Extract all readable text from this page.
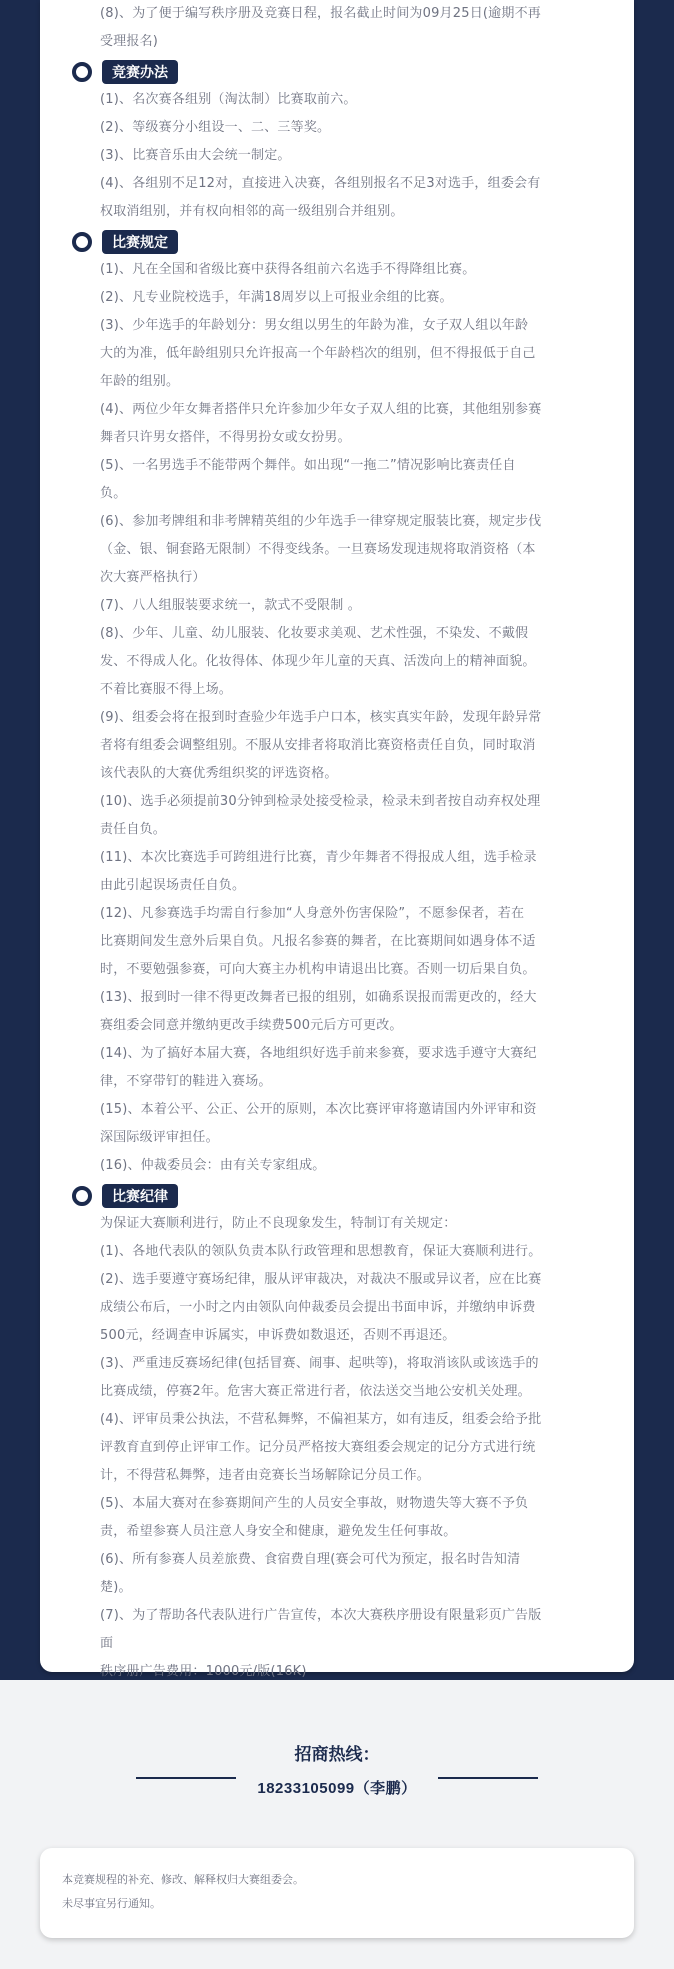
(8)、为了便于编写秩序册及竞赛日程，报名截止时间为09月25日(逾期不再

受理报名)

竞赛办法

(1)、名次赛各组别（淘汰制）比赛取前六。

(2)、等级赛分小组设一、二、三等奖。

(3)、比赛音乐由大会统一制定。

(4)、各组别不足12对，直接进入决赛，各组别报名不足3对选手，组委会有

权取消组别，并有权向相邻的高一级组别合并组别。

比赛规定

(1)、凡在全国和省级比赛中获得各组前六名选手不得降组比赛。

(2)、凡专业院校选手，年满18周岁以上可报业余组的比赛。

(3)、少年选手的年龄划分：男女组以男生的年龄为准，女子双人组以年龄

大的为准，低年龄组别只允许报高一个年龄档次的组别，但不得报低于自己

年龄的组别。

(4)、两位少年女舞者搭伴只允许参加少年女子双人组的比赛，其他组别参赛

舞者只许男女搭伴，不得男扮女或女扮男。

(5)、一名男选手不能带两个舞伴。如出现“一拖二”情况影响比赛责任自

负。

(6)、参加考牌组和非考牌精英组的少年选手一律穿规定服装比赛，规定步伐

（金、银、铜套路无限制）不得变线条。一旦赛场发现违规将取消资格（本

次大赛严格执行）

(7)、八人组服装要求统一，款式不受限制 。

(8)、少年、儿童、幼儿服装、化妆要求美观、艺术性强，不染发、不戴假

发、不得成人化。化妆得体、体现少年儿童的天真、活泼向上的精神面貌。

不着比赛服不得上场。

(9)、组委会将在报到时查验少年选手户口本，核实真实年龄，发现年龄异常

者将有组委会调整组别。不服从安排者将取消比赛资格责任自负，同时取消

该代表队的大赛优秀组织奖的评选资格。

(10)、选手必须提前30分钟到检录处接受检录，检录未到者按自动弃权处理

责任自负。

(11)、本次比赛选手可跨组进行比赛，青少年舞者不得报成人组，选手检录

由此引起误场责任自负。

(12)、凡参赛选手均需自行参加“人身意外伤害保险”，不愿参保者，若在

比赛期间发生意外后果自负。凡报名参赛的舞者，在比赛期间如遇身体不适

时，不要勉强参赛，可向大赛主办机构申请退出比赛。否则一切后果自负。

(13)、报到时一律不得更改舞者已报的组别，如确系误报而需更改的，经大

赛组委会同意并缴纳更改手续费500元后方可更改。

(14)、为了搞好本届大赛，各地组织好选手前来参赛，要求选手遵守大赛纪

律，不穿带钉的鞋进入赛场。

(15)、本着公平、公正、公开的原则，本次比赛评审将邀请国内外评审和资

深国际级评审担任。

(16)、仲裁委员会：由有关专家组成。

比赛纪律

为保证大赛顺利进行，防止不良现象发生，特制订有关规定：

(1)、各地代表队的领队负责本队行政管理和思想教育，保证大赛顺利进行。

(2)、选手要遵守赛场纪律，服从评审裁决，对裁决不服或异议者，应在比赛

成绩公布后，一小时之内由领队向仲裁委员会提出书面申诉，并缴纳申诉费

500元，经调查申诉属实，申诉费如数退还，否则不再退还。

(3)、严重违反赛场纪律(包括冒赛、闹事、起哄等)，将取消该队或该选手的

比赛成绩，停赛2年。危害大赛正常进行者，依法送交当地公安机关处理。

(4)、评审员秉公执法，不营私舞弊，不偏袒某方，如有违反，组委会给予批

评教育直到停止评审工作。记分员严格按大赛组委会规定的记分方式进行统

计，不得营私舞弊，违者由竞赛长当场解除记分员工作。

(5)、本届大赛对在参赛期间产生的人员安全事故，财物遗失等大赛不予负

责，希望参赛人员注意人身安全和健康，避免发生任何事故。

(6)、所有参赛人员差旅费、食宿费自理(赛会可代为预定，报名时告知清

楚)。

(7)、为了帮助各代表队进行广告宣传，本次大赛秩序册设有限量彩页广告版

面

秩序册广告费用：1000元/版(16K)

招商热线：
18233105099（李鹏）
本竞赛规程的补充、修改、解释权归大赛组委会。
未尽事宜另行通知。
